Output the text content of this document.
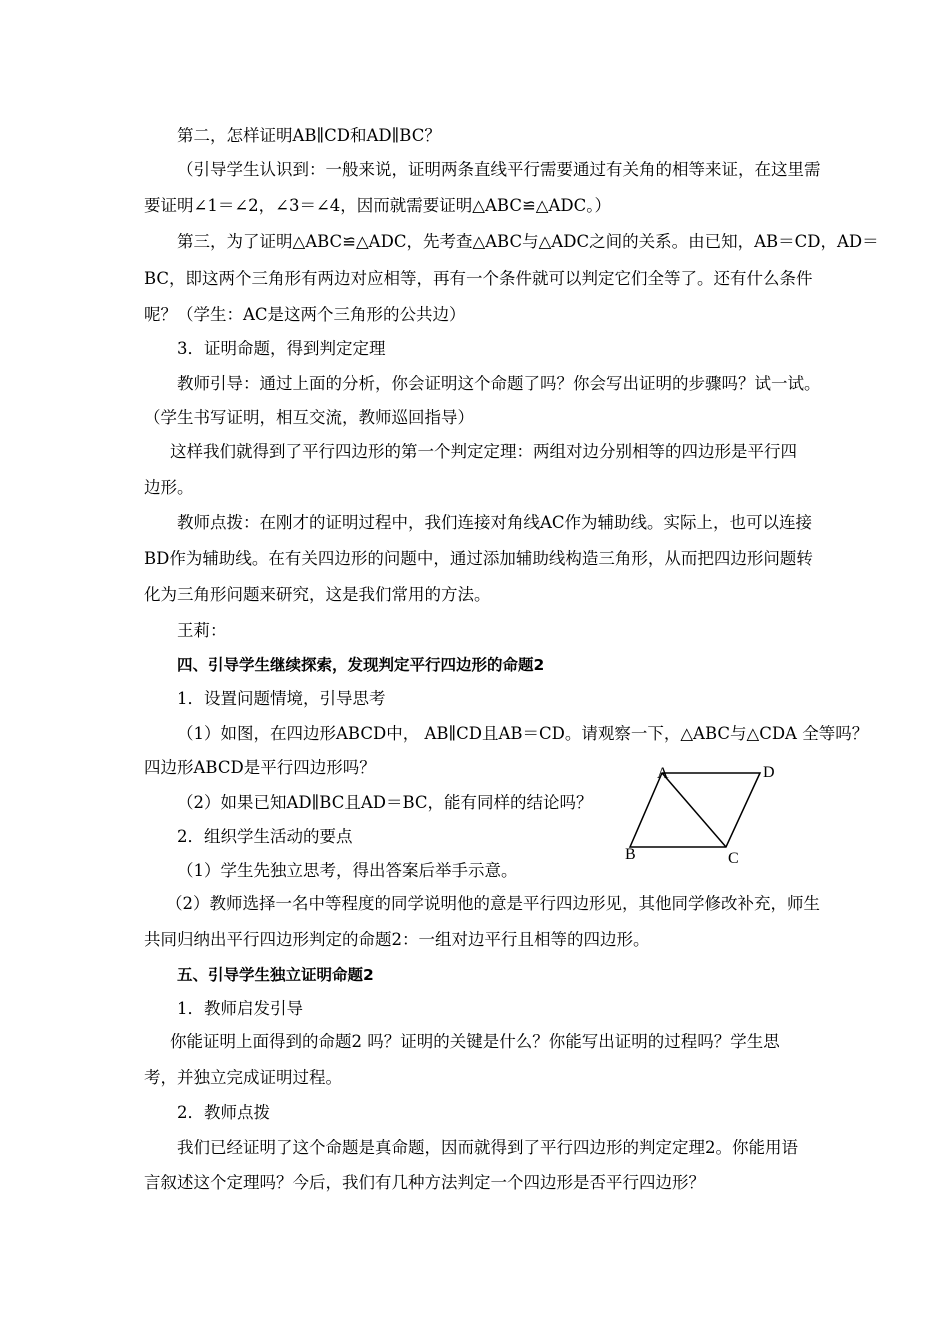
第二，怎样证明AB∥CD和AD∥BC？
（引导学生认识到：一般来说，证明两条直线平行需要通过有关角的相等来证，在这里需
要证明∠1＝∠2，∠3＝∠4，因而就需要证明△ABC≌△ADC。）
第三，为了证明△ABC≌△ADC，先考查△ABC与△ADC之间的关系。由已知，AB＝CD，AD＝
BC，即这两个三角形有两边对应相等，再有一个条件就可以判定它们全等了。还有什么条件
呢？（学生：AC是这两个三角形的公共边）
3．证明命题，得到判定定理
教师引导：通过上面的分析，你会证明这个命题了吗？你会写出证明的步骤吗？试一试。
（学生书写证明，相互交流，教师巡回指导）
这样我们就得到了平行四边形的第一个判定定理：两组对边分别相等的四边形是平行四
边形。
教师点拨：在刚才的证明过程中，我们连接对角线AC作为辅助线。实际上，也可以连接
BD作为辅助线。在有关四边形的问题中，通过添加辅助线构造三角形，从而把四边形问题转
化为三角形问题来研究，这是我们常用的方法。
王莉：
四、引导学生继续探索，发现判定平行四边形的命题2
1．设置问题情境，引导思考
（1）如图，在四边形ABCD中， AB∥CD且AB＝CD。请观察一下，△ABC与△CDA 全等吗？
四边形ABCD是平行四边形吗？
（2）如果已知AD∥BC且AD＝BC，能有同样的结论吗？
2．组织学生活动的要点
（1）学生先独立思考，得出答案后举手示意。
（2）教师选择一名中等程度的同学说明他的意是平行四边形见，其他同学修改补充，师生
共同归纳出平行四边形判定的命题2：一组对边平行且相等的四边形。
五、引导学生独立证明命题2
1．教师启发引导
你能证明上面得到的命题2 吗？证明的关键是什么？你能写出证明的过程吗？学生思
考，并独立完成证明过程。
2．教师点拨
我们已经证明了这个命题是真命题，因而就得到了平行四边形的判定定理2。你能用语
言叙述这个定理吗？今后，我们有几种方法判定一个四边形是否平行四边形？
A	D
B	C
